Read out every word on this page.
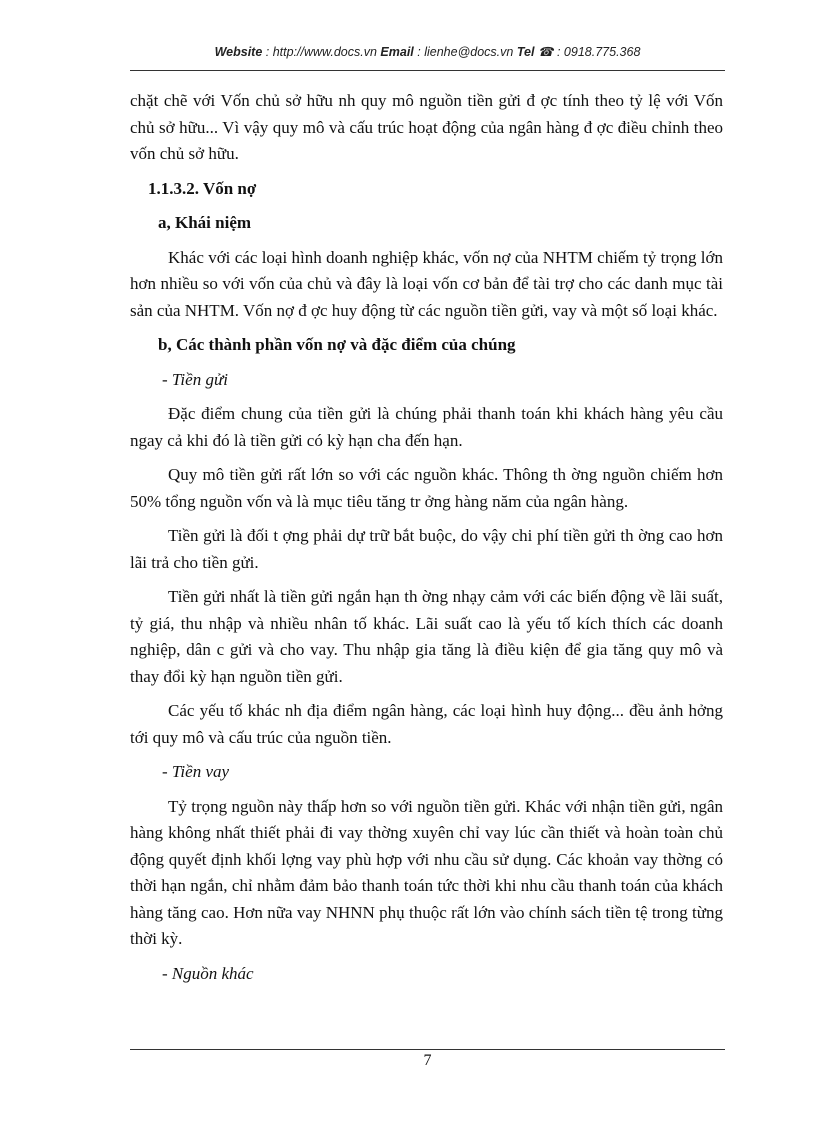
Website : http://www.docs.vn Email : lienhe@docs.vn Tel ☎ : 0918.775.368

chặt chẽ với Vốn chủ sở hữu nh quy mô nguồn tiền gửi đ ợc tính theo tỷ lệ với Vốn chủ sở hữu... Vì vậy quy mô và cấu trúc hoạt động của ngân hàng đ ợc điều chỉnh theo vốn chủ sở hữu.

1.1.3.2. Vốn nợ

a, Khái niệm

Khác với các loại hình doanh nghiệp khác, vốn nợ của NHTM chiếm tỷ trọng lớn hơn nhiều so với vốn của chủ và đây là loại vốn cơ bản để tài trợ cho các danh mục tài sản của NHTM. Vốn nợ đ ợc huy động từ các nguồn tiền gửi, vay và một số loại khác.

b, Các thành phần vốn nợ và đặc điểm của chúng

- Tiền gửi

Đặc điểm chung của tiền gửi là chúng phải thanh toán khi khách hàng yêu cầu ngay cả khi đó là tiền gửi có kỳ hạn cha đến hạn.

Quy mô tiền gửi rất lớn so với các nguồn khác. Thông th ờng nguồn chiếm hơn 50% tổng nguồn vốn và là mục tiêu tăng tr ởng hàng năm của ngân hàng.

Tiền gửi là đối t ợng phải dự trữ bắt buộc, do vậy chi phí tiền gửi th ờng cao hơn lãi trả cho tiền gửi.

Tiền gửi nhất là tiền gửi ngắn hạn th ờng nhạy cảm với các biến động về lãi suất, tỷ giá, thu nhập và nhiều nhân tố khác. Lãi suất cao là yếu tố kích thích các doanh nghiệp, dân c gửi và cho vay. Thu nhập gia tăng là điều kiện để gia tăng quy mô và thay đổi kỳ hạn nguồn tiền gửi.

Các yếu tố khác nh địa điểm ngân hàng, các loại hình huy động... đều ảnh hởng tới quy mô và cấu trúc của nguồn tiền.

- Tiền vay

Tỷ trọng nguồn này thấp hơn so với nguồn tiền gửi. Khác với nhận tiền gửi, ngân hàng không nhất thiết phải đi vay thờng xuyên chỉ vay lúc cần thiết và hoàn toàn chủ động quyết định khối lợng vay phù hợp với nhu cầu sử dụng. Các khoản vay thờng có thời hạn ngắn, chỉ nhằm đảm bảo thanh toán tức thời khi nhu cầu thanh toán của khách hàng tăng cao. Hơn nữa vay NHNN phụ thuộc rất lớn vào chính sách tiền tệ trong từng thời kỳ.

- Nguồn khác

7
